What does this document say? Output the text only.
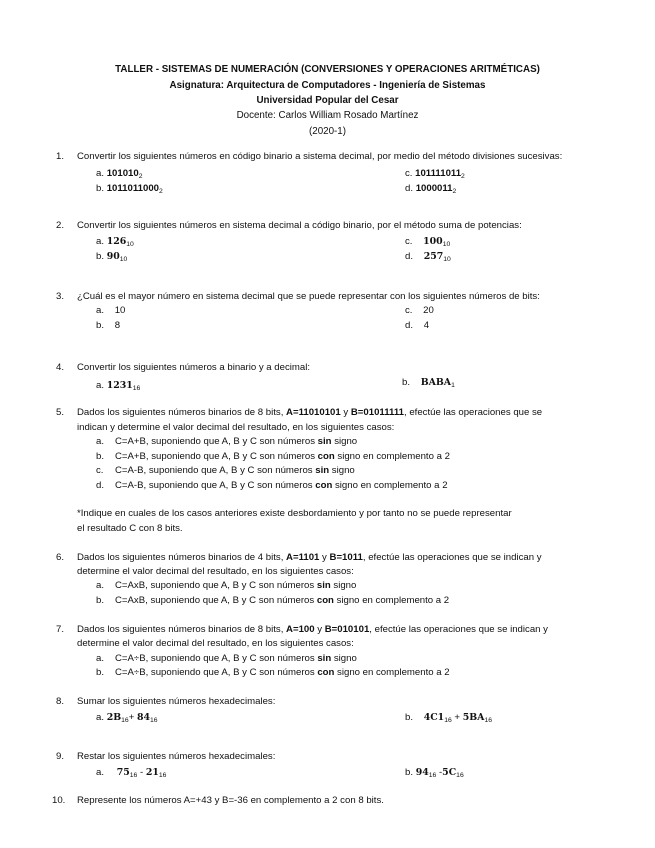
TALLER - SISTEMAS DE NUMERACIÓN (CONVERSIONES Y OPERACIONES ARITMÉTICAS)
Asignatura: Arquitectura de Computadores - Ingeniería de Sistemas
Universidad Popular del Cesar
Docente: Carlos William Rosado Martínez
(2020-1)
1. Convertir los siguientes números en código binario a sistema decimal, por medio del método divisiones sucesivas:
a. $101010_2$
b. $1011011000_2$
c. $101111011_2$
d. $1000011_2$
2. Convertir los siguientes números en sistema decimal a código binario, por el método suma de potencias:
a. $126_{10}$
b. $90_{10}$
c. $100_{10}$
d. $257_{10}$
3. ¿Cuál es el mayor número en sistema decimal que se puede representar con los siguientes números de bits:
a. 10
b. 8
c. 20
d. 4
4. Convertir los siguientes números a binario y a decimal:
a. $1231_{16}$
b. $BABA_1$
5. Dados los siguientes números binarios de 8 bits, A=11010101 y B=01011111, efectúe las operaciones que se
indican y determine el valor decimal del resultado, en los siguientes casos:
a. C=A+B, suponiendo que A, B y C son números sin signo
b. C=A+B, suponiendo que A, B y C son números con signo en complemento a 2
c. C=A-B, suponiendo que A, B y C son números sin signo
d. C=A-B, suponiendo que A, B y C son números con signo en complemento a 2
*Indique en cuales de los casos anteriores existe desbordamiento y por tanto no se puede representar
el resultado C con 8 bits.
6. Dados los siguientes números binarios de 4 bits, A=1101 y B=1011, efectúe las operaciones que se indican y
determine el valor decimal del resultado, en los siguientes casos:
a. C=AxB, suponiendo que A, B y C son números sin signo
b. C=AxB, suponiendo que A, B y C son números con signo en complemento a 2
7. Dados los siguientes números binarios de 8 bits, A=100 y B=010101, efectúe las operaciones que se indican y
determine el valor decimal del resultado, en los siguientes casos:
a. C=A÷B, suponiendo que A, B y C son números sin signo
b. C=A÷B, suponiendo que A, B y C son números con signo en complemento a 2
8. Sumar los siguientes números hexadecimales:
a. $2B_{16}+ 84_{16}$	b. $4C1_{16} + 5BA_{16}$
9. Restar los siguientes números hexadecimales:
a. $75_{16} - 21_{16}$	b. $94_{16}$ $-5C_{16}$
10. Represente los números A=+43 y B=-36 en complemento a 2 con 8 bits.
